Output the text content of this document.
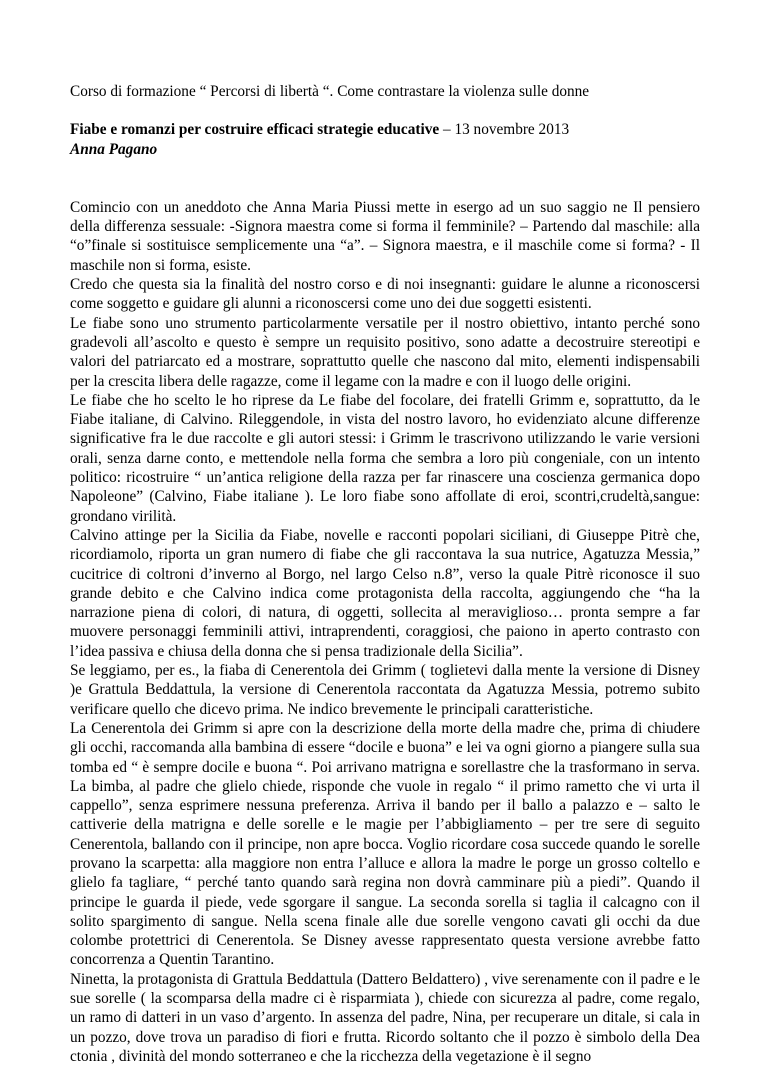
Corso di formazione “ Percorsi di libertà “. Come contrastare la violenza sulle donne

Fiabe e romanzi per costruire efficaci strategie educative – 13 novembre 2013

Anna Pagano

Comincio con un aneddoto che Anna Maria Piussi mette in esergo ad un suo saggio ne Il pensiero della differenza sessuale: -Signora maestra come si forma il femminile? – Partendo dal maschile: alla “o”finale si sostituisce semplicemente una “a”. – Signora maestra, e il maschile come si forma? - Il maschile non si forma, esiste.

Credo che questa sia la finalità del nostro corso e di noi insegnanti: guidare le alunne a riconoscersi come soggetto e guidare gli alunni a riconoscersi come uno dei due soggetti esistenti.

Le fiabe sono uno strumento particolarmente versatile per il nostro obiettivo, intanto perché sono gradevoli all’ascolto e questo è sempre un requisito positivo, sono adatte a decostruire stereotipi e valori del patriarcato ed a mostrare, soprattutto quelle che nascono dal mito, elementi indispensabili per la crescita libera delle ragazze, come il legame con la madre e con il luogo delle origini.

Le fiabe che ho scelto le ho riprese da Le fiabe del focolare, dei fratelli Grimm e, soprattutto, da le Fiabe italiane, di Calvino. Rileggendole, in vista del nostro lavoro, ho evidenziato alcune differenze significative fra le due raccolte e gli autori stessi: i Grimm le trascrivono utilizzando le varie versioni orali, senza darne conto, e mettendole nella forma che sembra a loro più congeniale, con un intento politico: ricostruire “ un’antica religione della razza per far rinascere una coscienza germanica dopo Napoleone” (Calvino, Fiabe italiane ). Le loro fiabe sono affollate di eroi, scontri,crudeltà,sangue: grondano virilità.

Calvino attinge per la Sicilia da Fiabe, novelle e racconti popolari siciliani, di Giuseppe Pitrè che, ricordiamolo, riporta un gran numero di fiabe che gli raccontava la sua nutrice, Agatuzza Messia,” cucitrice di coltroni d’inverno al Borgo, nel largo Celso n.8”, verso la quale Pitrè riconosce il suo grande debito e che Calvino indica come protagonista della raccolta, aggiungendo che “ha la narrazione piena di colori, di natura, di oggetti, sollecita al meraviglioso… pronta sempre a far muovere personaggi femminili attivi, intraprendenti, coraggiosi, che paiono in aperto contrasto con l’idea passiva e chiusa della donna che si pensa tradizionale della Sicilia”.

Se leggiamo, per es., la fiaba di Cenerentola dei Grimm ( toglietevi dalla mente la versione di Disney )e Grattula Beddattula, la versione di Cenerentola raccontata da Agatuzza Messia, potremo subito verificare quello che dicevo prima. Ne indico brevemente le principali caratteristiche.

La Cenerentola dei Grimm si apre con la descrizione della morte della madre che, prima di chiudere gli occhi, raccomanda alla bambina di essere “docile e buona” e lei va ogni giorno a piangere sulla sua tomba ed “ è sempre docile e buona “. Poi arrivano matrigna e sorellastre che la trasformano in serva. La bimba, al padre che glielo chiede, risponde che vuole in regalo “ il primo rametto che vi urta il cappello”, senza esprimere nessuna preferenza. Arriva il bando per il ballo a palazzo e – salto le cattiverie della matrigna e delle sorelle e le magie per l’abbigliamento – per tre sere di seguito Cenerentola, ballando con il principe, non apre bocca. Voglio ricordare cosa succede quando le sorelle provano la scarpetta: alla maggiore non entra l’alluce e allora la madre le porge un grosso coltello e glielo fa tagliare, “ perché tanto quando sarà regina non dovrà camminare più a piedi”. Quando il principe le guarda il piede, vede sgorgare il sangue. La seconda sorella si taglia il calcagno con il solito spargimento di sangue. Nella scena finale alle due sorelle vengono cavati gli occhi da due colombe protettrici di Cenerentola. Se Disney avesse rappresentato questa versione avrebbe fatto concorrenza a Quentin Tarantino.

Ninetta, la protagonista di Grattula Beddattula (Dattero Beldattero) , vive serenamente con il padre e le sue sorelle ( la scomparsa della madre ci è risparmiata ), chiede con sicurezza al padre, come regalo, un ramo di datteri in un vaso d’argento. In assenza del padre, Nina, per recuperare un ditale, si cala in un pozzo, dove trova un paradiso di fiori e frutta. Ricordo soltanto che il pozzo è simbolo della Dea ctonia , divinità del mondo sotterraneo e che la ricchezza della vegetazione è il segno
